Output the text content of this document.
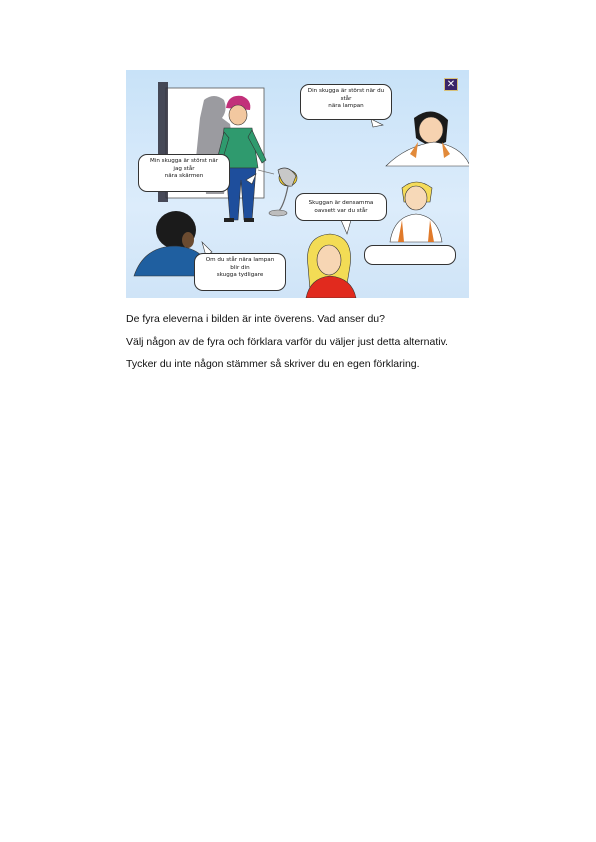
Din skugga är störst när du
står
nära lampan
Min skugga är störst när
jag står
nära skärmen
Skuggan är densamma
oavsett var du står
Om du står nära lampan
blir din
skugga tydligare
✕
De fyra eleverna i bilden är inte överens. Vad anser du?
Välj någon av de fyra och förklara varför du väljer just detta alternativ.
Tycker du inte någon stämmer så skriver du en egen förklaring.
